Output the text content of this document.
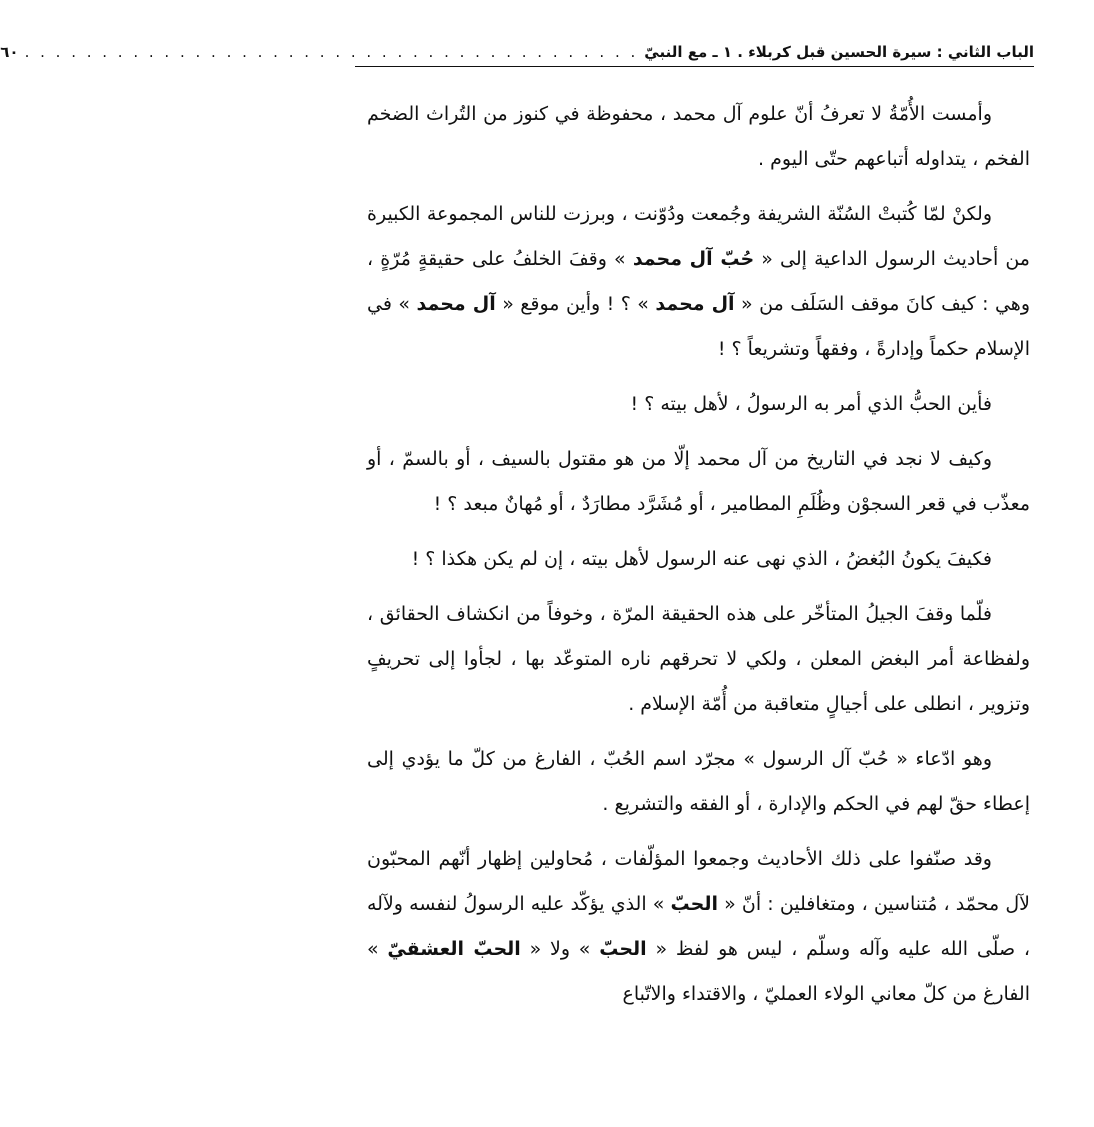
الباب الثاني : سيرة الحسين قبل كربلاء . ١ ـ مع النبيّ
. . . . . . . . . . . . . . . . . . . . . . . . . . . . . . . . . . . . . . . .
٦٠

وأمست الأُمّةُ لا تعرفُ أنّ علوم آل محمد ، محفوظة في كنوز من التُراث الضخم الفخم ، يتداوله أتباعهم حتّى اليوم .

ولكنْ لمّا كُتبتْ السُنّة الشريفة وجُمعت ودُوّنت ، وبرزت للناس المجموعة الكبيرة من أحاديث الرسول الداعية إلى « حُبّ آل محمد » وقفَ الخلفُ على حقيقةٍ مُرّةٍ ، وهي : كيف كانَ موقف السَلَف من « آل محمد » ؟ ! وأين موقع « آل محمد » في الإسلام حكماً وإدارةً ، وفقهاً وتشريعاً ؟ !

فأين الحبُّ الذي أمر به الرسولُ ، لأهل بيته ؟ !

وكيف لا نجد في التاريخ من آل محمد إلّا من هو مقتول بالسيف ، أو بالسمّ ، أو معذّب في قعر السجوْن وظُلَمِ المطامير ، أو مُشَرَّد مطارَدٌ ، أو مُهانٌ مبعد ؟ !

فكيفَ يكونُ البُغضُ ، الذي نهى عنه الرسول لأهل بيته ، إن لم يكن هكذا ؟ !

فلّما وقفَ الجيلُ المتأخّر على هذه الحقيقة المرّة ، وخوفاً من انكشاف الحقائق ، ولفظاعة أمر البغض المعلن ، ولكي لا تحرقهم ناره المتوعّد بها ، لجأوا إلى تحريفٍ وتزوير ، انطلى على أجيالٍ متعاقبة من أُمّة الإسلام .

وهو ادّعاء « حُبّ آل الرسول » مجرّد اسم الحُبّ ، الفارغ من كلّ ما يؤدي إلى إعطاء حقّ لهم في الحكم والإدارة ، أو الفقه والتشريع .

وقد صنّفوا على ذلك الأحاديث وجمعوا المؤلّفات ، مُحاولين إظهار أنّهم المحبّون لآل محمّد ، مُتناسين ، ومتغافلين : أنّ « الحبّ » الذي يؤكّد عليه الرسولُ لنفسه ولآله ، صلّى الله عليه وآله وسلّم ، ليس هو لفظ « الحبّ » ولا « الحبّ العشقيّ » الفارغ من كلّ معاني الولاء العمليّ ، والاقتداء والاتّباع
